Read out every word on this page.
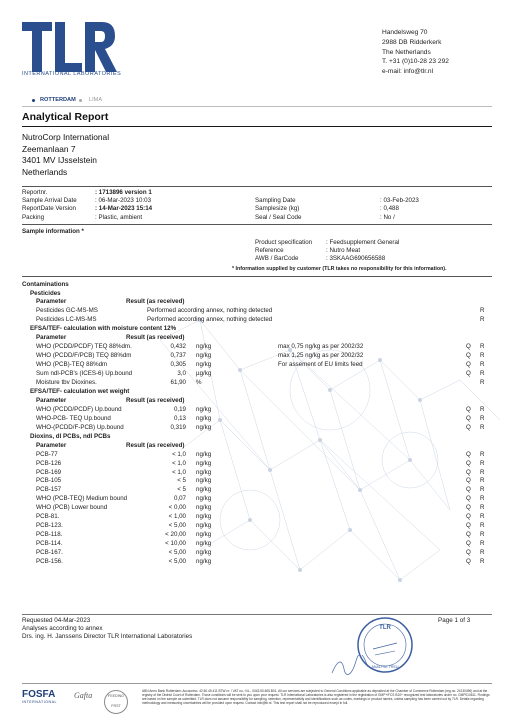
INTERNATIONAL LABORATORIES
Handelsweg 70
2988 DB Ridderkerk
The Netherlands
T. +31 (0)10-28 23 292
e-mail: info@tlr.nl
ROTTERDAM LIMA
Analytical Report
NutroCorp International
Zeemanlaan 7
3401 MV IJsselstein
Netherlands
Reportnr.	: 1713896 version 1
Sample Arrival Date	: 06-Mar-2023 10:03
ReportDate Version	: 14-Mar-2023 15:14
Packing	: Plastic, ambient
Sampling Date	: 03-Feb-2023
Samplesize (kg)	: 0,488
Seal / Seal Code	: No /
Sample information *
Product specification : Feedsupplement General
Reference	: Nutro Meat
AWB / BarCode	: 3SKAAG690656588
* Information supplied by customer (TLR takes no responsibility for this information).
Contaminations
Pesticides
Parameter	Result (as received)
Pesticides GC-MS-MS	Performed according annex, nothing detected	R
Pesticides LC-MS-MS	Performed according annex, nothing detected	R
EFSA/TEF- calculation with moisture content 12%
Parameter	Result (as received)
WHO (PCDD/PCDF) TEQ 88%dm.	0,432 ng/kg	max 0,75 ng/kg as per 2002/32	Q R
WHO (PCDD/F/PCB) TEQ 88%dm	0,737 ng/kg	max 1,25 ng/kg as per 2002/32	Q R
WHO (PCB)-TEQ 88%dm	0,305 ng/kg	For assement of EU limits feed	Q R
Sum ndl-PCB's (ICES-6) Up.bound	3,0 µg/kg	Q R
Moisture tbv Dioxines.	61,90 %	R
EFSA/TEF- calculation wet weight
Parameter	Result (as received)
WHO (PCDD/PCDF) Up.bound	0,19 ng/kg	Q R
WHO-PCB- TEQ Up.bound	0,13 ng/kg	Q R
WHO-(PCDD/F-PCB) Up.bound	0,319 ng/kg	Q R
Dioxins, dl PCBs, ndl PCBs
Parameter	Result (as received)
PCB-77	< 1,0 ng/kg	Q R
PCB-126	< 1,0 ng/kg	Q R
PCB-169	< 1,0 ng/kg	Q R
PCB-105	< 5 ng/kg	Q R
PCB-157	< 5 ng/kg	Q R
WHO (PCB-TEQ) Medium bound	0,07 ng/kg	Q R
WHO (PCB) Lower bound	< 0,00 ng/kg	Q R
PCB-81.	< 1,00 ng/kg	Q R
PCB-123.	< 5,00 ng/kg	Q R
PCB-118.	< 20,00 ng/kg	Q R
PCB-114.	< 10,00 ng/kg	Q R
PCB-167.	< 5,00 ng/kg	Q R
PCB-156.	< 5,00 ng/kg	Q R
Requested 04-Mar-2023
Analyses according to annex
Drs. ing. H. Janssens Director TLR International Laboratories
Page 1 of 3
TLR
ANALYSE TREU
FOSFA
INTERNATIONAL
Gafta	FEEDING
FRST
ABN Amro Bank Rotterdam: Accountno. 42.60.49.411 BTW nr. / VAT no.: NL - 0043.50.605.B01. All our services are subjected to General Conditions applicable as deposited at the Chamber of Commerce Rotterdam (reg.no. 24130496) and at the registry of the District Court of Rotterdam. Those conditions will be sent to you upon your request. TLR International Laboratories is also registered in the registration of GMP+/FCS B10+ recognized test laboratories under no. GMP010611. Findings are based on the sample as submitted. TLR does not assume responsibility for sampling, selection, representativity and identifications such as codes, markings or product names, unless sampling has been carried out by TLR. Details regarding methodology and measuring uncertainties will be provided upon request. Contact info@tlr.nl. This test report shall not be reproduced except in full.
